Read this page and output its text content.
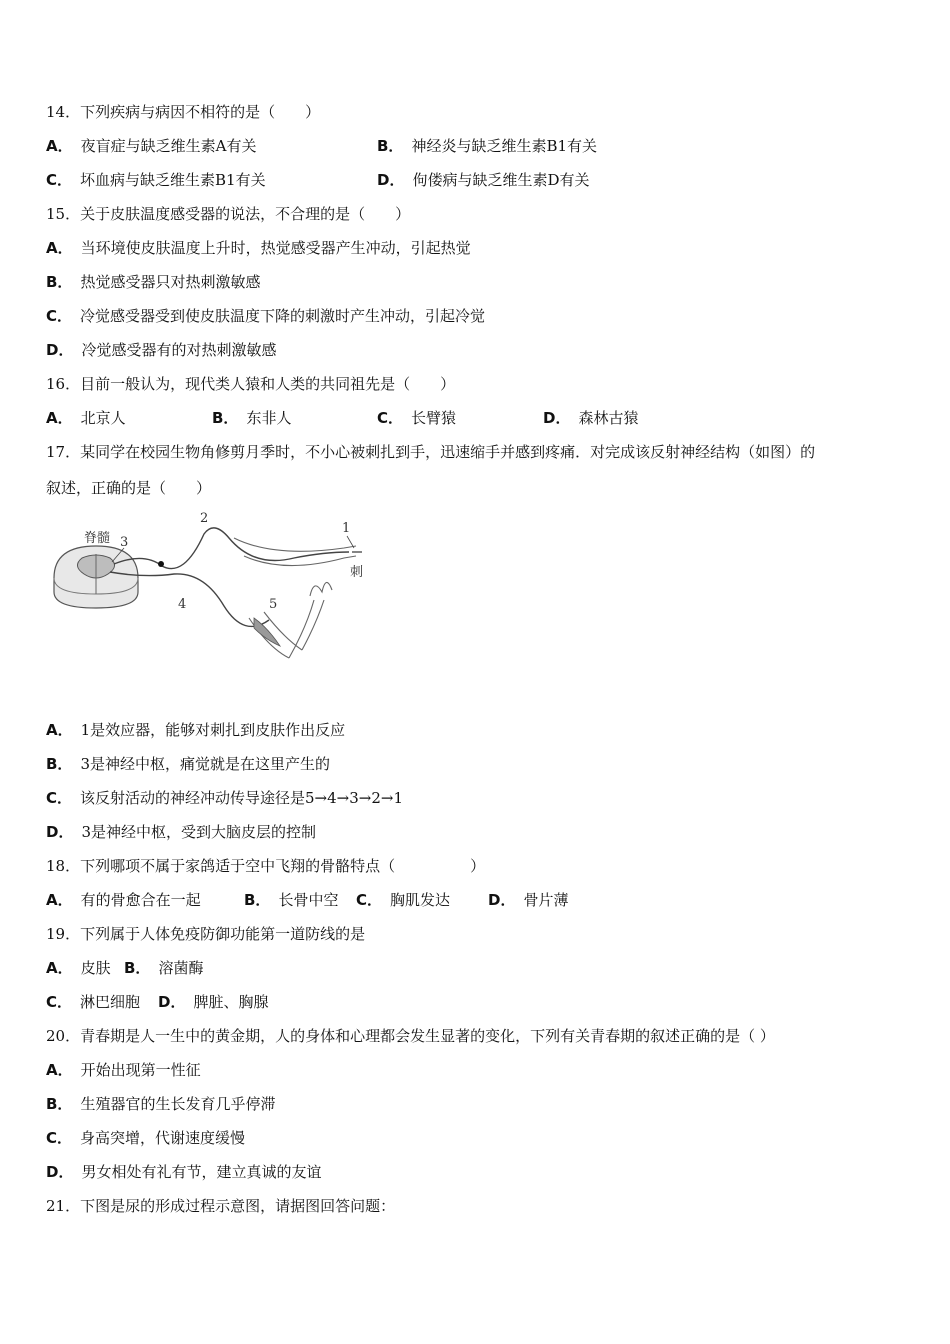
14．下列疾病与病因不相符的是（　　）
A． 夜盲症与缺乏维生素A有关	B． 神经炎与缺乏维生素B1有关
C． 坏血病与缺乏维生素B1有关	D． 佝偻病与缺乏维生素D有关
15．关于皮肤温度感受器的说法，不合理的是（　　）
A． 当环境使皮肤温度上升时，热觉感受器产生冲动，引起热觉
B． 热觉感受器只对热刺激敏感
C． 冷觉感受器受到使皮肤温度下降的刺激时产生冲动，引起冷觉
D． 冷觉感受器有的对热刺激敏感
16．目前一般认为，现代类人猿和人类的共同祖先是（　　）
A． 北京人	B． 东非人	C． 长臂猿	D． 森林古猿
17．某同学在校园生物角修剪月季时，不小心被刺扎到手，迅速缩手并感到疼痛．对完成该反射神经结构（如图）的
叙述，正确的是（　　）
脊髓 3
2
4	5
1
刺
A． 1是效应器，能够对刺扎到皮肤作出反应
B． 3是神经中枢，痛觉就是在这里产生的
C． 该反射活动的神经冲动传导途径是5→4→3→2→1
D． 3是神经中枢，受到大脑皮层的控制
18．下列哪项不属于家鸽适于空中飞翔的骨骼特点（　　　　　）
A． 有的骨愈合在一起	B． 长骨中空 C． 胸肌发达	D． 骨片薄
19．下列属于人体免疫防御功能第一道防线的是
A． 皮肤 B． 溶菌酶
C． 淋巴细胞 D． 脾脏、胸腺
20．青春期是人一生中的黄金期，人的身体和心理都会发生显著的变化，下列有关青春期的叙述正确的是（ ）
A． 开始出现第一性征
B． 生殖器官的生长发育几乎停滞
C． 身高突增，代谢速度缓慢
D． 男女相处有礼有节，建立真诚的友谊
21．下图是尿的形成过程示意图，请据图回答问题：
